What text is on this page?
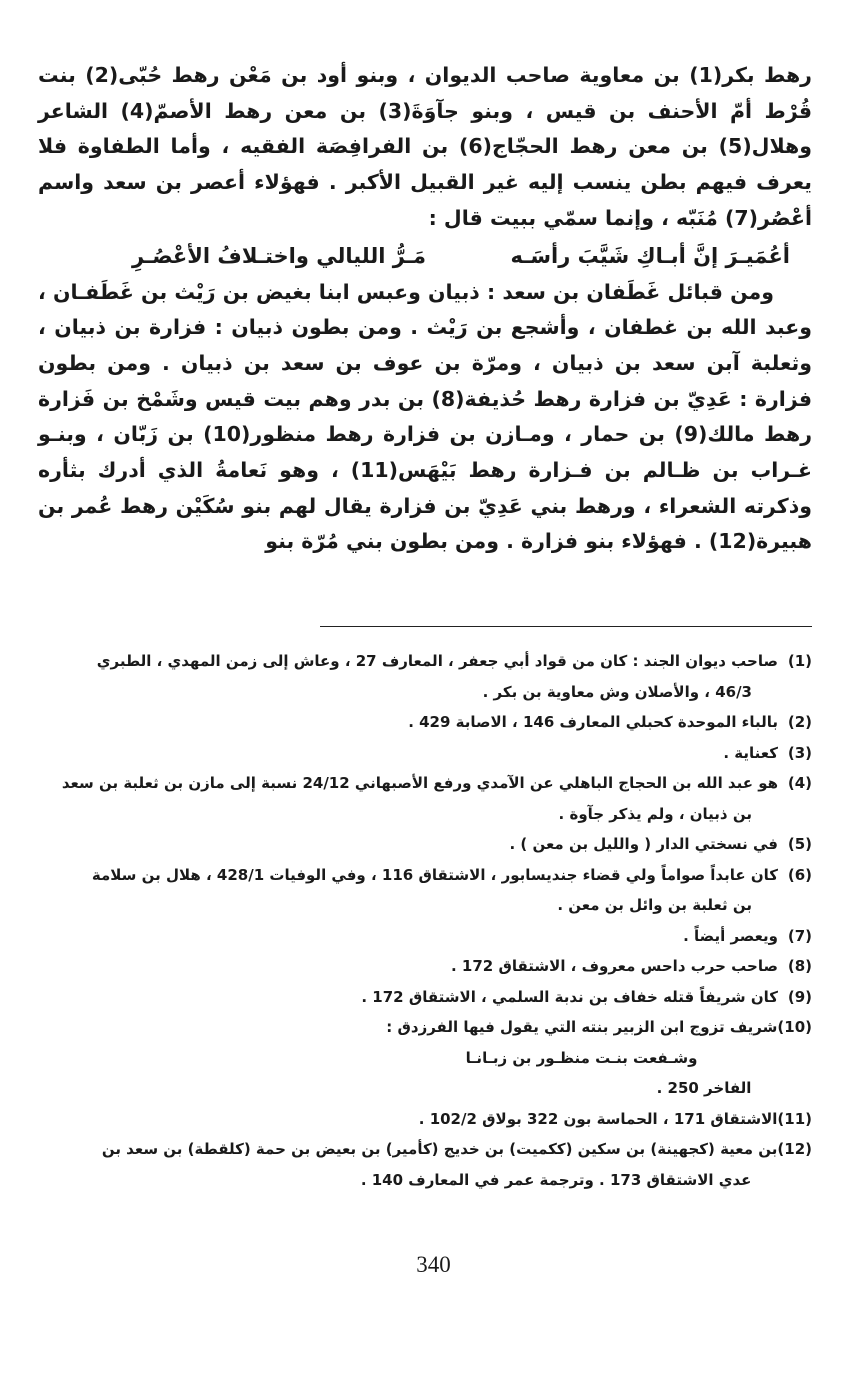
رهط بكر(1) بن معاوية صاحب الديوان ، وبنو أود بن مَعْن رهط حُبّى(2) بنت قُرْط أمّ الأحنف بن قيس ، وبنو جآوَةَ(3) بن معن رهط الأصمّ(4) الشاعر وهلال(5) بن معن رهط الحجّاج(6) بن الفرافِصَة الفقيه ، وأما الطفاوة فلا يعرف فيهم بطن ينسب إليه غير القبيل الأكبر . فهؤلاء أعصر بن سعد واسم أعْصُر(7) مُنَبّه ، وإنما سمّي ببيت قال :

أعُمَيـرَ إنَّ أبـاكِ شَيَّبَ رأسَـه
مَـرُّ الليالي واختـلافُ الأعْصُـرِ

ومن قبائل غَطَفان بن سعد : ذبيان وعبس ابنا بغيض بن رَيْث بن غَطَفـان ، وعبد الله بن غطفان ، وأشجع بن رَيْث . ومن بطون ذبيان : فزارة بن ذبيان ، وثعلبة آبن سعد بن ذبيان ، ومرّة بن عوف بن سعد بن ذبيان . ومن بطون فزارة : عَدِيّ بن فزارة رهط حُذيفة(8) بن بدر وهم بيت قيس وشَمْخ بن فَزارة رهط مالك(9) بن حمار ، ومـازن بن فزارة رهط منظور(10) بن زَبّان ، وبنـو غـراب بن ظـالم بن فـزارة رهط بَيْهَس(11) ، وهو نَعامةُ الذي أدرك بثأره وذكرته الشعراء ، ورهط بني عَدِيّ بن فزارة يقال لهم بنو سُكَيْن رهط عُمر بن هبيرة(12) . فهؤلاء بنو فزارة . ومن بطون بني مُرّة بنو

(1)
صاحب ديوان الجند : كان من قواد أبي جعفر ، المعارف 27 ، وعاش إلى زمن المهدي ، الطبري
46/3 ، والأصلان وش معاوية بن بكر .
(2)
بالباء الموحدة كحبلي المعارف 146 ، الاصابة 429 .
(3)
كعناية .
(4)
هو عبد الله بن الحجاج الباهلي عن الآمدي ورفع الأصبهاني 24/12 نسبة إلى مازن بن ثعلبة بن سعد
بن ذبيان ، ولم يذكر جآوة .
(5)
في نسختي الدار ( والليل بن معن ) .
(6)
كان عابداً صواماً ولي قضاء جنديسابور ، الاشتقاق 116 ، وفي الوفيات 428/1 ، هلال بن سلامة
بن ثعلبة بن وائل بن معن .
(7)
ويعصر أيضاً .
(8)
صاحب حرب داحس معروف ، الاشتقاق 172 .
(9)
كان شريفاً قتله خفاف بن ندبة السلمي ، الاشتقاق 172 .
(10)
شريف تزوج ابن الزبير بنته التي يقول فيها الفرزدق :
وشـفعت بنـت منظـور بن زبـانـا
الفاخر 250 .
(11)
الاشتقاق 171 ، الحماسة بون 322 بولاق 102/2 .
(12)
بن معية (كجهينة) بن سكين (ككميت) بن خديج (كأمير) بن بعيض بن حمة (كلقطة) بن سعد بن
عدي الاشتقاق 173 . وترجمة عمر في المعارف 140 .
340
